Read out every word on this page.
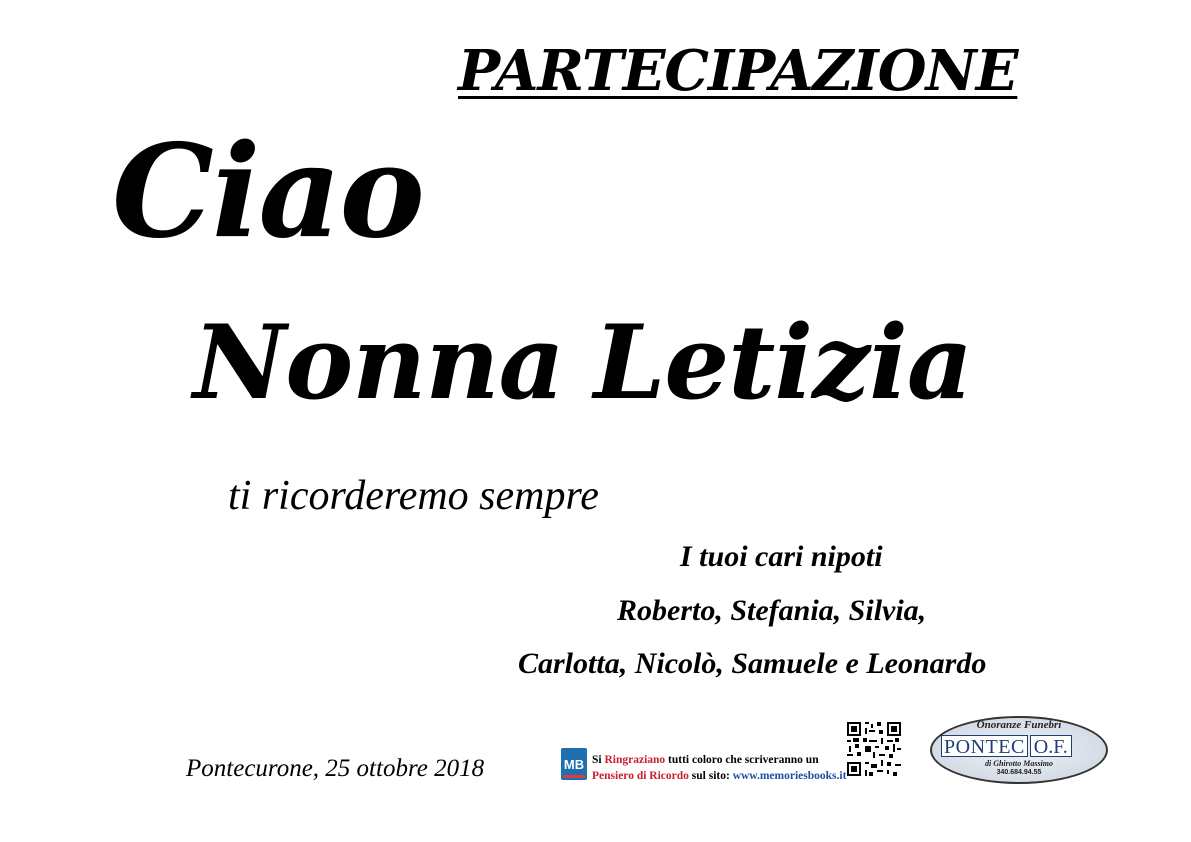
PARTECIPAZIONE
Ciao
Nonna Letizia
ti ricorderemo sempre
I tuoi cari nipoti
Roberto, Stefania, Silvia,
Carlotta, Nicolò, Samuele e Leonardo
Pontecurone, 25 ottobre 2018	MB Si Ringraziano tutti coloro che scriveranno un
Pensiero di Ricordo sul sito: www.memoriesbooks.it
Onoranze Funebri
PONTEC O.F.
di Ghirotto Massimo
340.684.94.55
